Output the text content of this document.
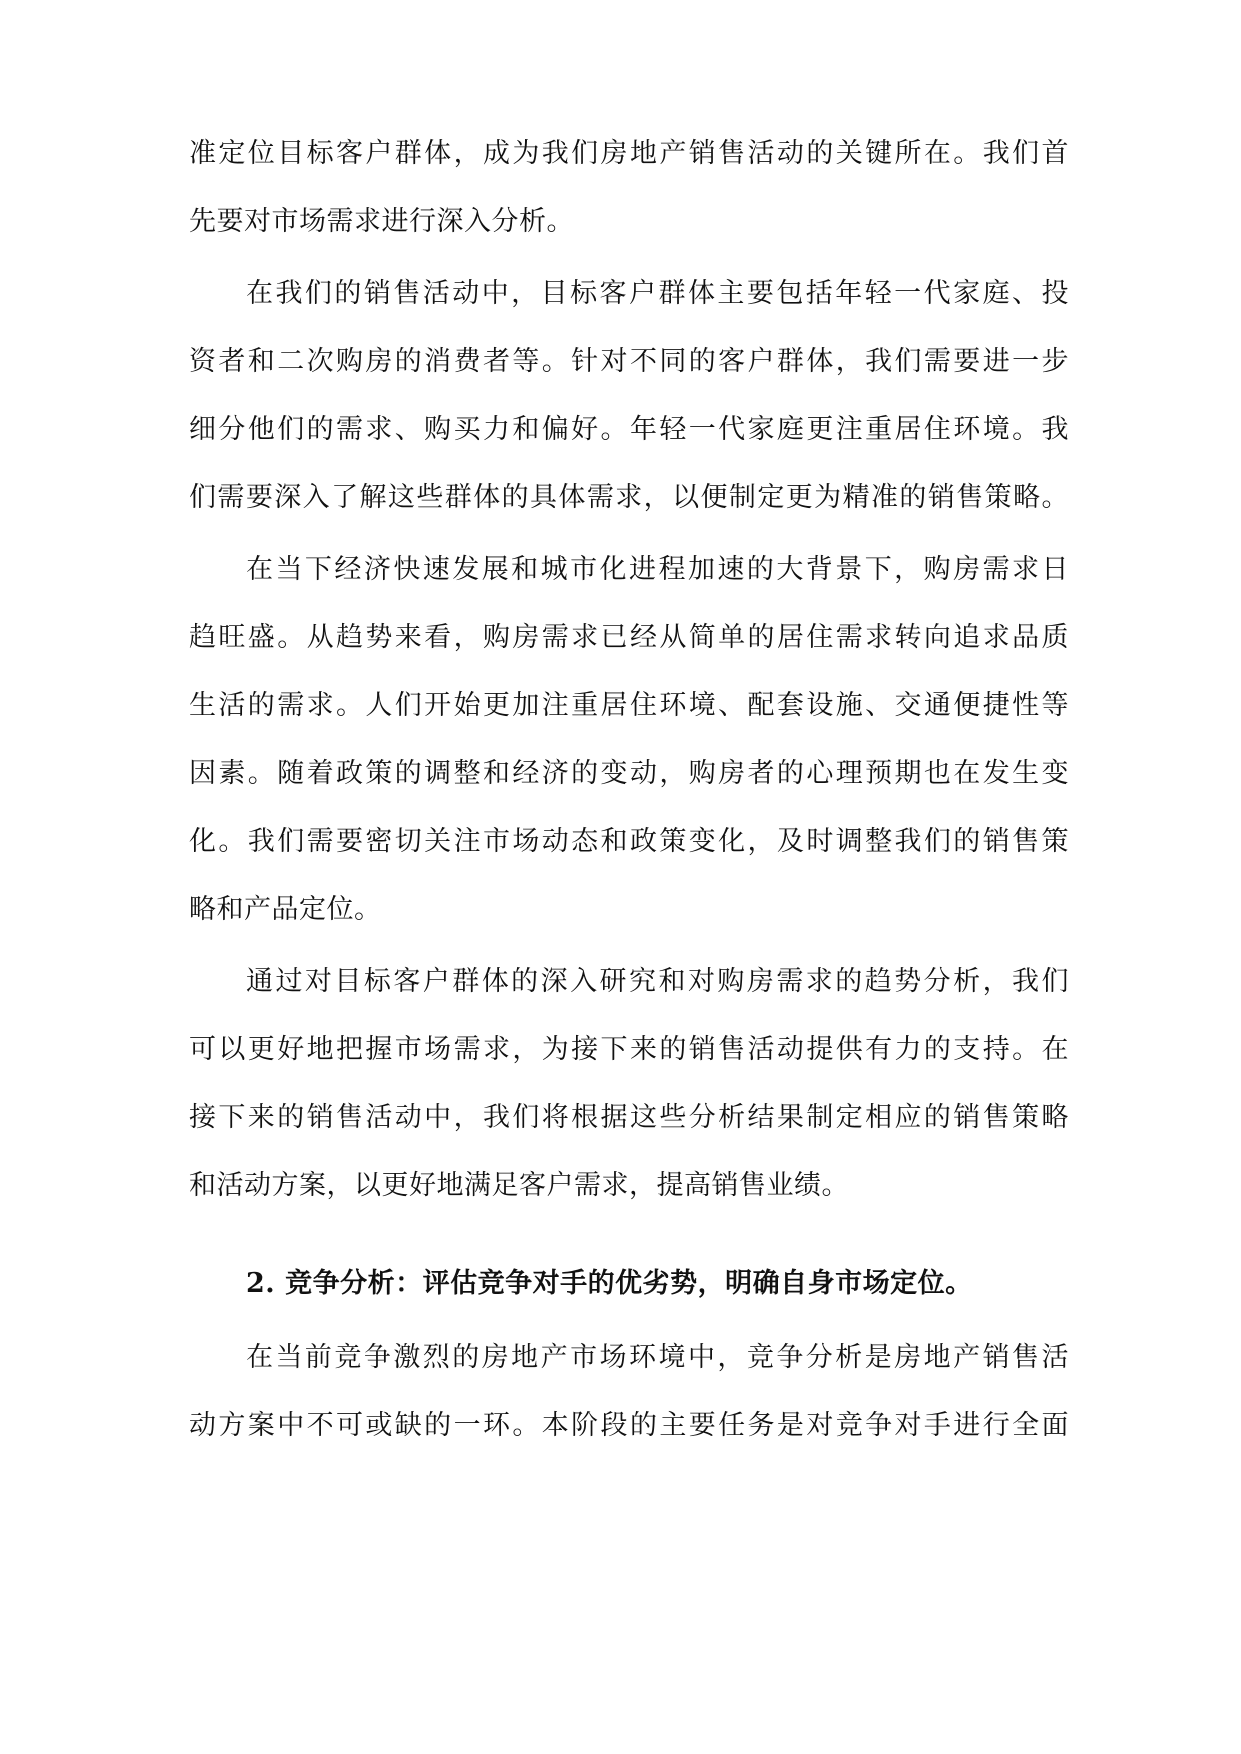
准定位目标客户群体，成为我们房地产销售活动的关键所在。我们首
先要对市场需求进行深入分析。
在我们的销售活动中，目标客户群体主要包括年轻一代家庭、投
资者和二次购房的消费者等。针对不同的客户群体，我们需要进一步
细分他们的需求、购买力和偏好。年轻一代家庭更注重居住环境。我
们需要深入了解这些群体的具体需求，以便制定更为精准的销售策略。
在当下经济快速发展和城市化进程加速的大背景下，购房需求日
趋旺盛。从趋势来看，购房需求已经从简单的居住需求转向追求品质
生活的需求。人们开始更加注重居住环境、配套设施、交通便捷性等
因素。随着政策的调整和经济的变动，购房者的心理预期也在发生变
化。我们需要密切关注市场动态和政策变化，及时调整我们的销售策
略和产品定位。
通过对目标客户群体的深入研究和对购房需求的趋势分析，我们
可以更好地把握市场需求，为接下来的销售活动提供有力的支持。在
接下来的销售活动中，我们将根据这些分析结果制定相应的销售策略
和活动方案，以更好地满足客户需求，提高销售业绩。
2. 竞争分析：评估竞争对手的优劣势，明确自身市场定位。
在当前竞争激烈的房地产市场环境中，竞争分析是房地产销售活
动方案中不可或缺的一环。本阶段的主要任务是对竞争对手进行全面
